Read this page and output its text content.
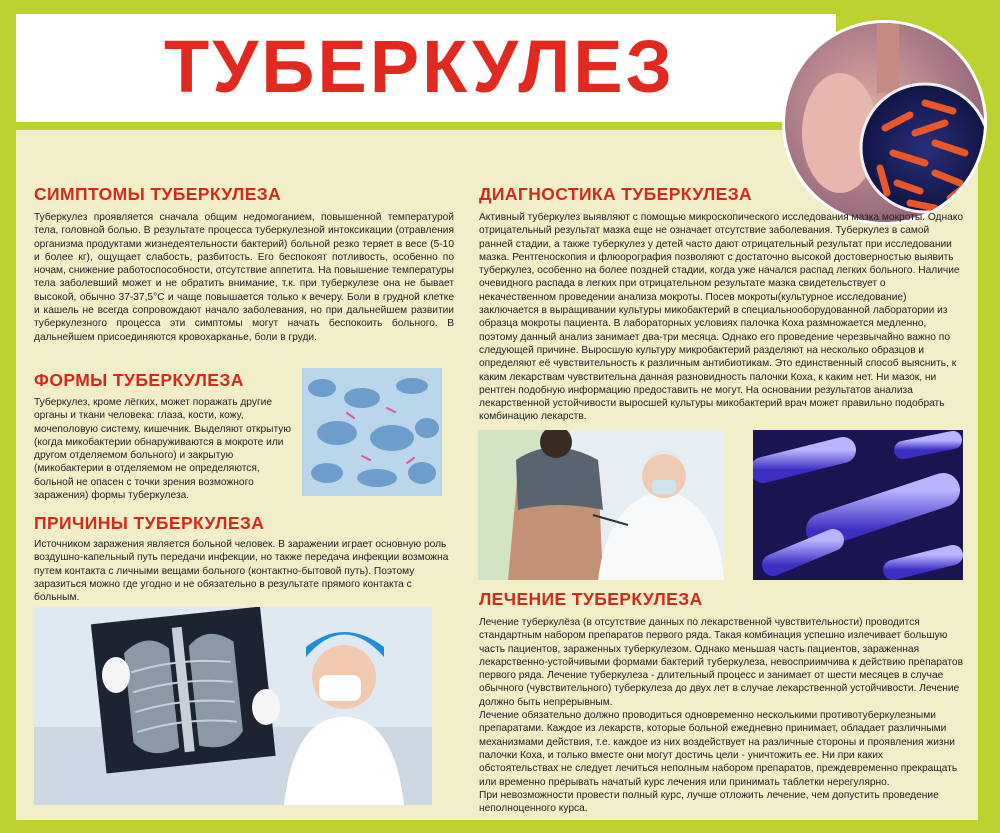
ТУБЕРКУЛЕЗ
СИМПТОМЫ ТУБЕРКУЛЕЗА

Туберкулез проявляется сначала общим недомоганием, повышенной температурой тела, головной болью. В результате процесса туберкулезной интоксикации (отравления организма продуктами жизнедеятельности бактерий) больной резко теряет в весе (5-10 и более кг), ощущает слабость, разбитость. Его беспокоят потливость, особенно по ночам, снижение работоспособности, отсутствие аппетита. На повышение температуры тела заболевший может и не обратить внимание, т.к. при туберкулезе она не бывает высокой, обычно 37-37,5°С и чаще повышается только к вечеру. Боли в грудной клетке и кашель не всегда сопровождают начало заболевания, но при дальнейшем развитии туберкулезного процесса эти симптомы могут начать беспокоить больного. В дальнейшем присоединяются кровохарканье, боли в груди.

ФОРМЫ ТУБЕРКУЛЕЗА

Туберкулез, кроме лёгких, может поражать другие органы и ткани человека: глаза, кости, кожу, мочеполовую систему, кишечник. Выделяют открытую (когда микобактерии обнаруживаются в мокроте или другом отделяемом больного) и закрытую (микобактерии в отделяемом не определяются, больной не опасен с точки зрения возможного заражения) формы туберкулеза.

ПРИЧИНЫ ТУБЕРКУЛЕЗА

Источником заражения является больной человек. В заражении играет основную роль воздушно-капельный путь передачи инфекции, но также передача инфекции возможна путем контакта с личными вещами больного (контактно-бытовой путь). Поэтому заразиться можно где угодно и не обязательно в результате прямого контакта с больным.

ДИАГНОСТИКА ТУБЕРКУЛЕЗА

Активный туберкулез выявляют с помощью микроскопического исследования мазка мокроты. Однако отрицательный результат мазка еще не означает отсутствие заболевания. Туберкулез в самой ранней стадии, а также туберкулез у детей часто дают отрицательный результат при исследовании мазка. Рентгеноскопия и флюорография позволяют с достаточно высокой достоверностью выявить туберкулез, особенно на более поздней стадии, когда уже начался распад легких больного. Наличие очевидного распада в легких при отрицательном результате мазка свидетельствует о некачественном проведении анализа мокроты. Посев мокроты(культурное исследование) заключается в выращивании культуры микобактерий в специальнооборудованной лаборатории из образца мокроты пациента. В лабораторных условиях палочка Коха размножается медленно, поэтому данный анализ занимает два-три месяца. Однако его проведение черезвычайно важно по следующей причине. Выросшую культуру микробактерий разделяют на несколько образцов и определяют её чувствительность к различным антибиотикам. Это единственный способ выяснить, к каким лекарствам чувствительна данная разновидность палочки Коха, к каким нет. Ни мазок, ни рентген подобную информацию предоставить не могут. На основании результатов анализа лекарственной устойчивости выросшей культуры микобактерий врач может правильно подобрать комбинацию лекарств.

ЛЕЧЕНИЕ ТУБЕРКУЛЕЗА

Лечение туберкулёза (в отсутствие данных по лекарственной чувствительности) проводится стандартным набором препаратов первого ряда. Такая комбинация успешно излечивает большую часть пациентов, зараженных туберкулезом. Однако меньшая часть пациентов, зараженная лекарственно-устойчивыми формами бактерий туберкулеза, невосприимчива к действию препаратов первого ряда. Лечение туберкулеза - длительный процесс и занимает от шести месяцев в случае обычного (чувствительного) туберкулеза до двух лет в случае лекарственной устойчивости. Лечение должно быть непрерывным.
Лечение обязательно должно проводиться одновременно несколькими противотуберкулезными препаратами. Каждое из лекарств, которые больной ежедневно принимает, обладает различными механизмами действия, т.е. каждое из них воздействует на различные стороны и проявления жизни палочки Коха, и только вместе они могут достичь цели - уничтожить ее. Ни при каких обстоятельствах не следует лечиться неполным набором препаратов, преждевременно прекращать или временно прерывать начатый курс лечения или принимать таблетки нерегулярно.
При невозможности провести полный курс, лучше отложить лечение, чем допустить проведение неполноценного курса.
